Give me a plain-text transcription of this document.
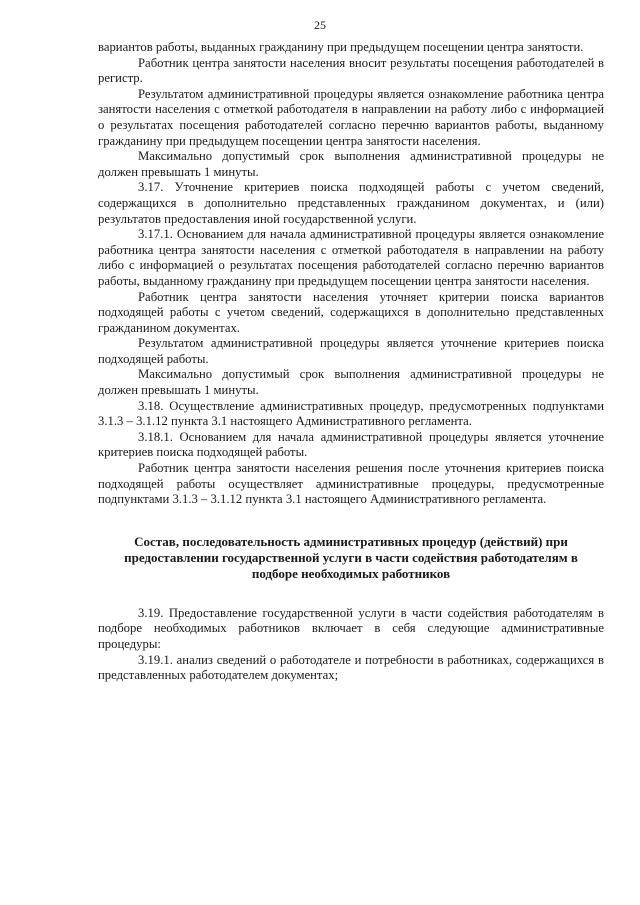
25

вариантов работы, выданных гражданину при предыдущем посещении центра занятости.

Работник центра занятости населения вносит результаты посещения работодателей в регистр.

Результатом административной процедуры является ознакомление работника центра занятости населения с отметкой работодателя в направлении на работу либо с информацией о результатах посещения работодателей согласно перечню вариантов работы, выданному гражданину при предыдущем посещении центра занятости населения.

Максимально допустимый срок выполнения административной процедуры не должен превышать 1 минуты.

3.17. Уточнение критериев поиска подходящей работы с учетом сведений, содержащихся в дополнительно представленных гражданином документах, и (или) результатов предоставления иной государственной услуги.

3.17.1. Основанием для начала административной процедуры является ознакомление работника центра занятости населения с отметкой работодателя в направлении на работу либо с информацией о результатах посещения работодателей согласно перечню вариантов работы, выданному гражданину при предыдущем посещении центра занятости населения.

Работник центра занятости населения уточняет критерии поиска вариантов подходящей работы с учетом сведений, содержащихся в дополнительно представленных гражданином документах.

Результатом административной процедуры является уточнение критериев поиска подходящей работы.

Максимально допустимый срок выполнения административной процедуры не должен превышать 1 минуты.

3.18. Осуществление административных процедур, предусмотренных подпунктами 3.1.3 – 3.1.12 пункта 3.1 настоящего Административного регламента.

3.18.1. Основанием для начала административной процедуры является уточнение критериев поиска подходящей работы.

Работник центра занятости населения решения после уточнения критериев поиска подходящей работы осуществляет административные процедуры, предусмотренные подпунктами 3.1.3 – 3.1.12 пункта 3.1 настоящего Административного регламента.

Состав, последовательность административных процедур (действий) при предоставлении государственной услуги в части содействия работодателям в подборе необходимых работников

3.19. Предоставление государственной услуги в части содействия работодателям в подборе необходимых работников включает в себя следующие административные процедуры:

3.19.1. анализ сведений о работодателе и потребности в работниках, содержащихся в представленных работодателем документах;
